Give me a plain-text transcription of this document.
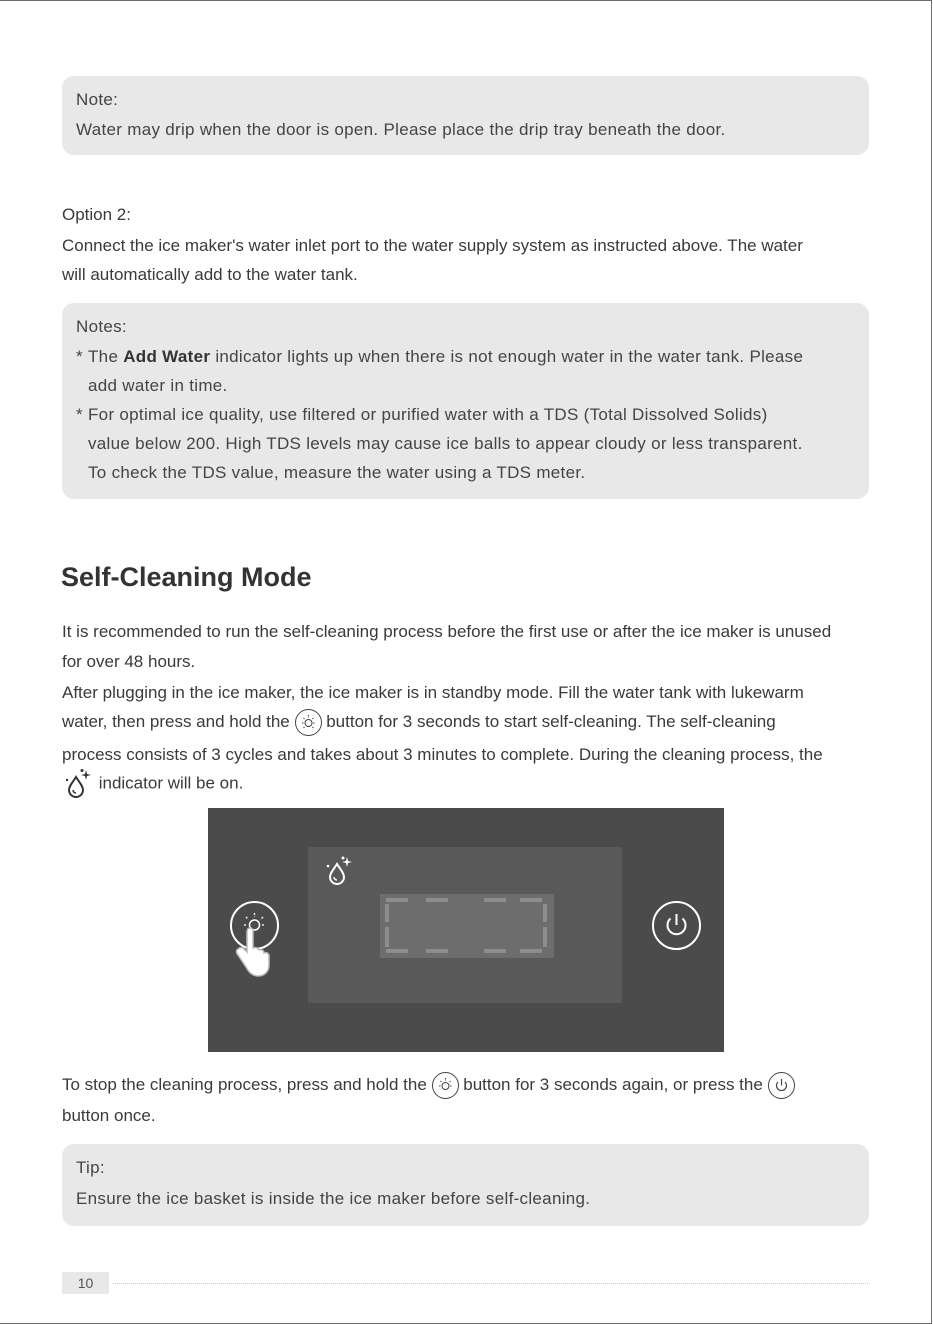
Note:
Water may drip when the door is open. Please place the drip tray beneath the door.
Option 2:
Connect the ice maker's water inlet port to the water supply system as instructed above. The water
will automatically add to the water tank.
Notes:
* The Add Water indicator lights up when there is not enough water in the water tank. Please
add water in time.
* For optimal ice quality, use filtered or purified water with a TDS (Total Dissolved Solids)
value below 200. High TDS levels may cause ice balls to appear cloudy or less transparent.
To check the TDS value, measure the water using a TDS meter.
Self-Cleaning Mode
It is recommended to run the self-cleaning process before the first use or after the ice maker is unused
for over 48 hours.
After plugging in the ice maker, the ice maker is in standby mode. Fill the water tank with lukewarm
water, then press and hold the
button for 3 seconds to start self-cleaning. The self-cleaning
process consists of 3 cycles and takes about 3 minutes to complete. During the cleaning process, the
indicator will be on.
To stop the cleaning process, press and hold the
button for 3 seconds again, or press the
button once.
Tip:
Ensure the ice basket is inside the ice maker before self-cleaning.
10
